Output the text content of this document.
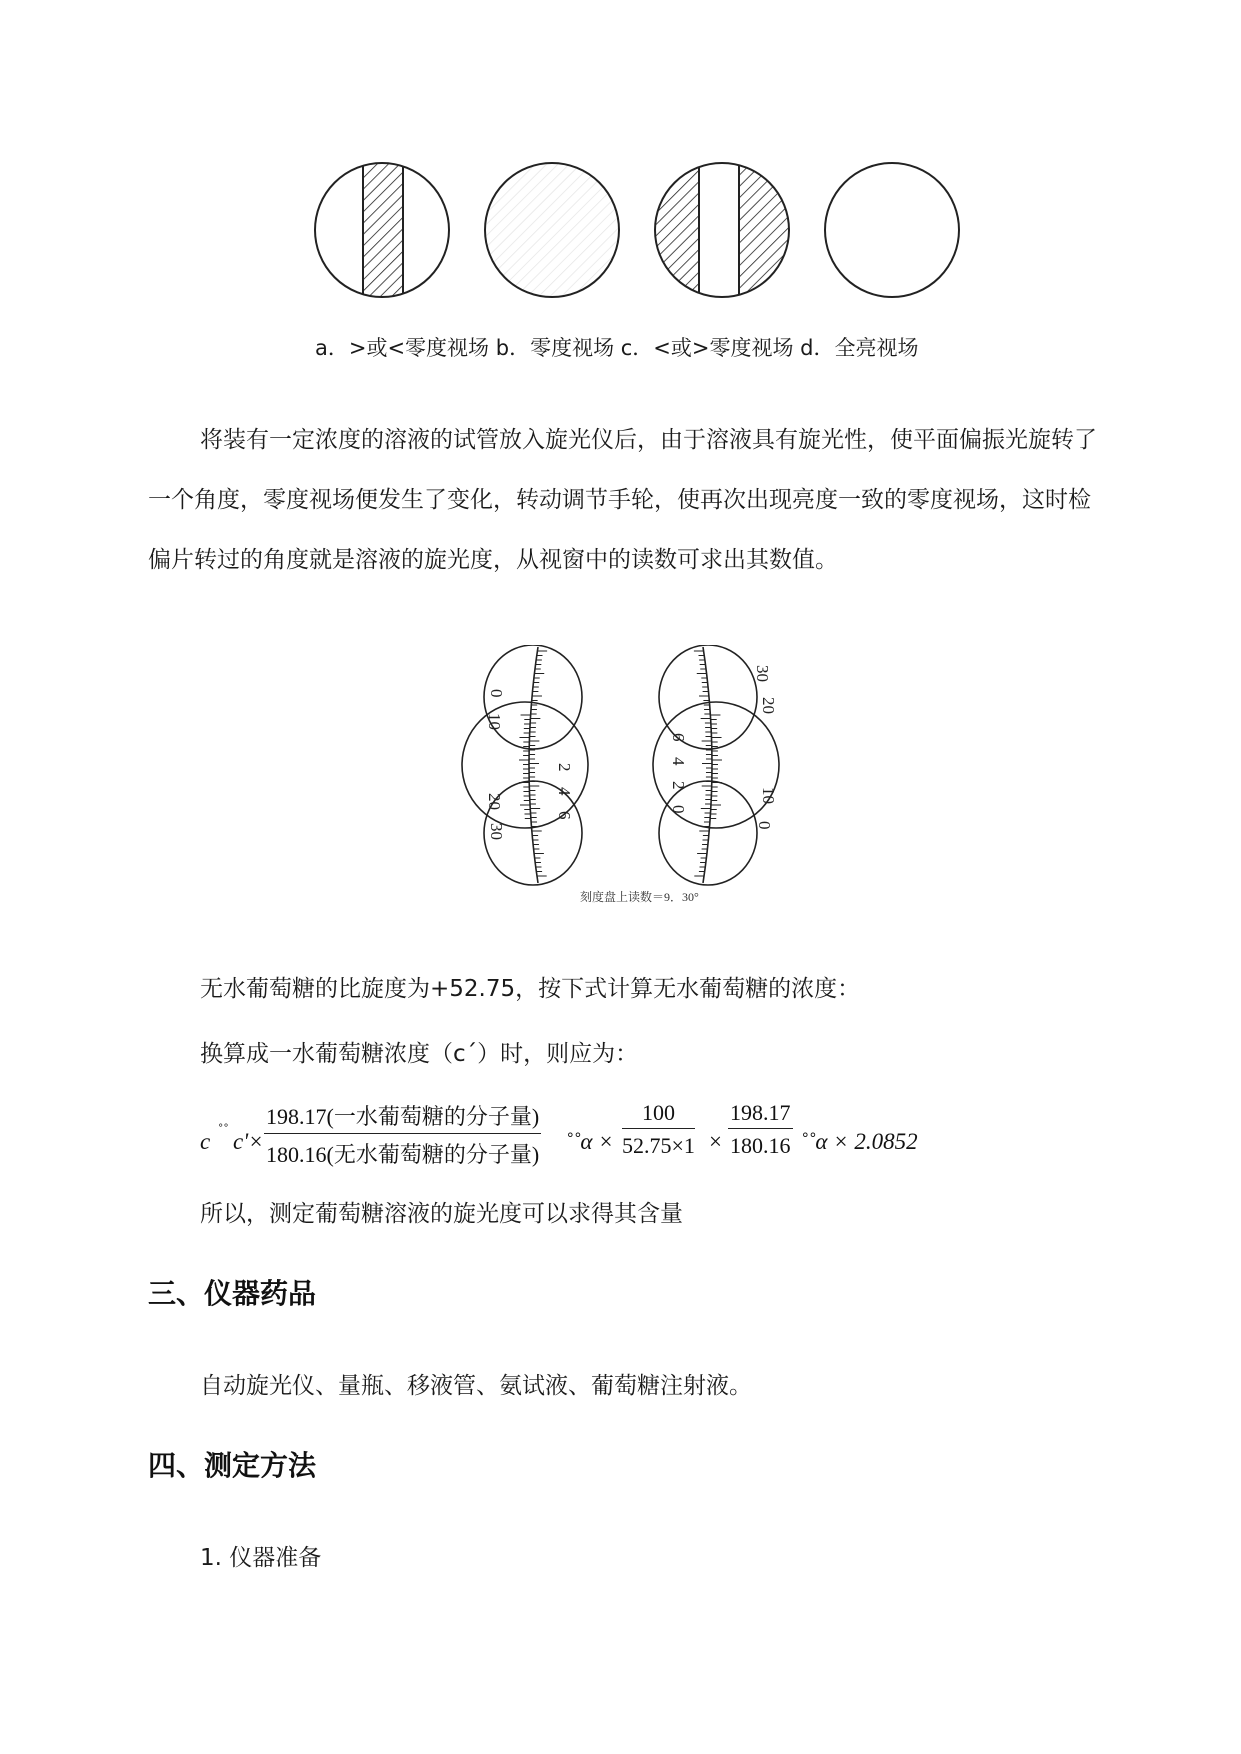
a．>或<零度视场 b．零度视场 c．<或>零度视场 d．全亮视场
将装有一定浓度的溶液的试管放入旋光仪后，由于溶液具有旋光性，使平面偏振光旋转了一个角度，零度视场便发生了变化，转动调节手轮，使再次出现亮度一致的零度视场，这时检偏片转过的角度就是溶液的旋光度，从视窗中的读数可求出其数值。
0
10
20
30
2
4
6
30
20
10
0
6
4
2
0
刻度盘上读数＝9．30°
无水葡萄糖的比旋度为+52.75，按下式计算无水葡萄糖的浓度：
换算成一水葡萄糖浓度（c´）时，则应为：
c ˚˚ c'×
198.17(一水葡萄糖的分子量)
180.16(无水葡萄糖的分子量)
˚˚α × $\frac{100}{52.75\times 1} \times \frac{198.17}{180.16}$ ˚˚α × 2.0852
所以，测定葡萄糖溶液的旋光度可以求得其含量
三、仪器药品
自动旋光仪、量瓶、移液管、氨试液、葡萄糖注射液。
四、测定方法
1. 仪器准备
